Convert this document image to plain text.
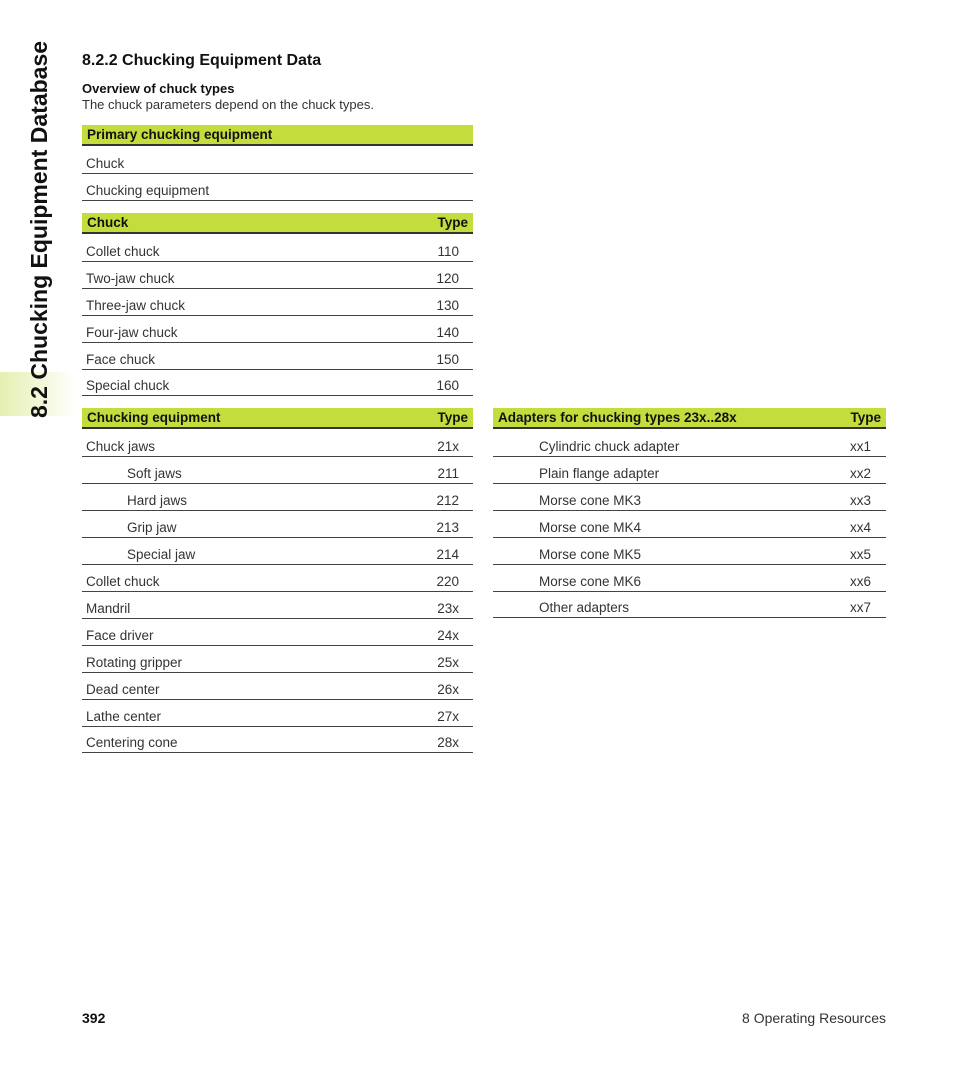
8.2 Chucking Equipment Database 8.2.2 Chucking Equipment Data
Overview of chuck types
The chuck parameters depend on the chuck types.
Primary chucking equipment
Chuck
Chucking equipment
Chuck	Type
Collet chuck	110
Two-jaw chuck	120
Three-jaw chuck	130
Four-jaw chuck	140
Face chuck	150
Special chuck	160
Chucking equipment	Type
Chuck jaws	21x
Soft jaws	211
Hard jaws	212
Grip jaw	213
Special jaw	214
Collet chuck	220
Mandril	23x
Face driver	24x
Rotating gripper	25x
Dead center	26x
Lathe center	27x
Centering cone	28x
Adapters for chucking types 23x..28x	Type
Cylindric chuck adapter	xx1
Plain flange adapter	xx2
Morse cone MK3	xx3
Morse cone MK4	xx4
Morse cone MK5	xx5
Morse cone MK6	xx6
Other adapters	xx7
392	8 Operating Resources
